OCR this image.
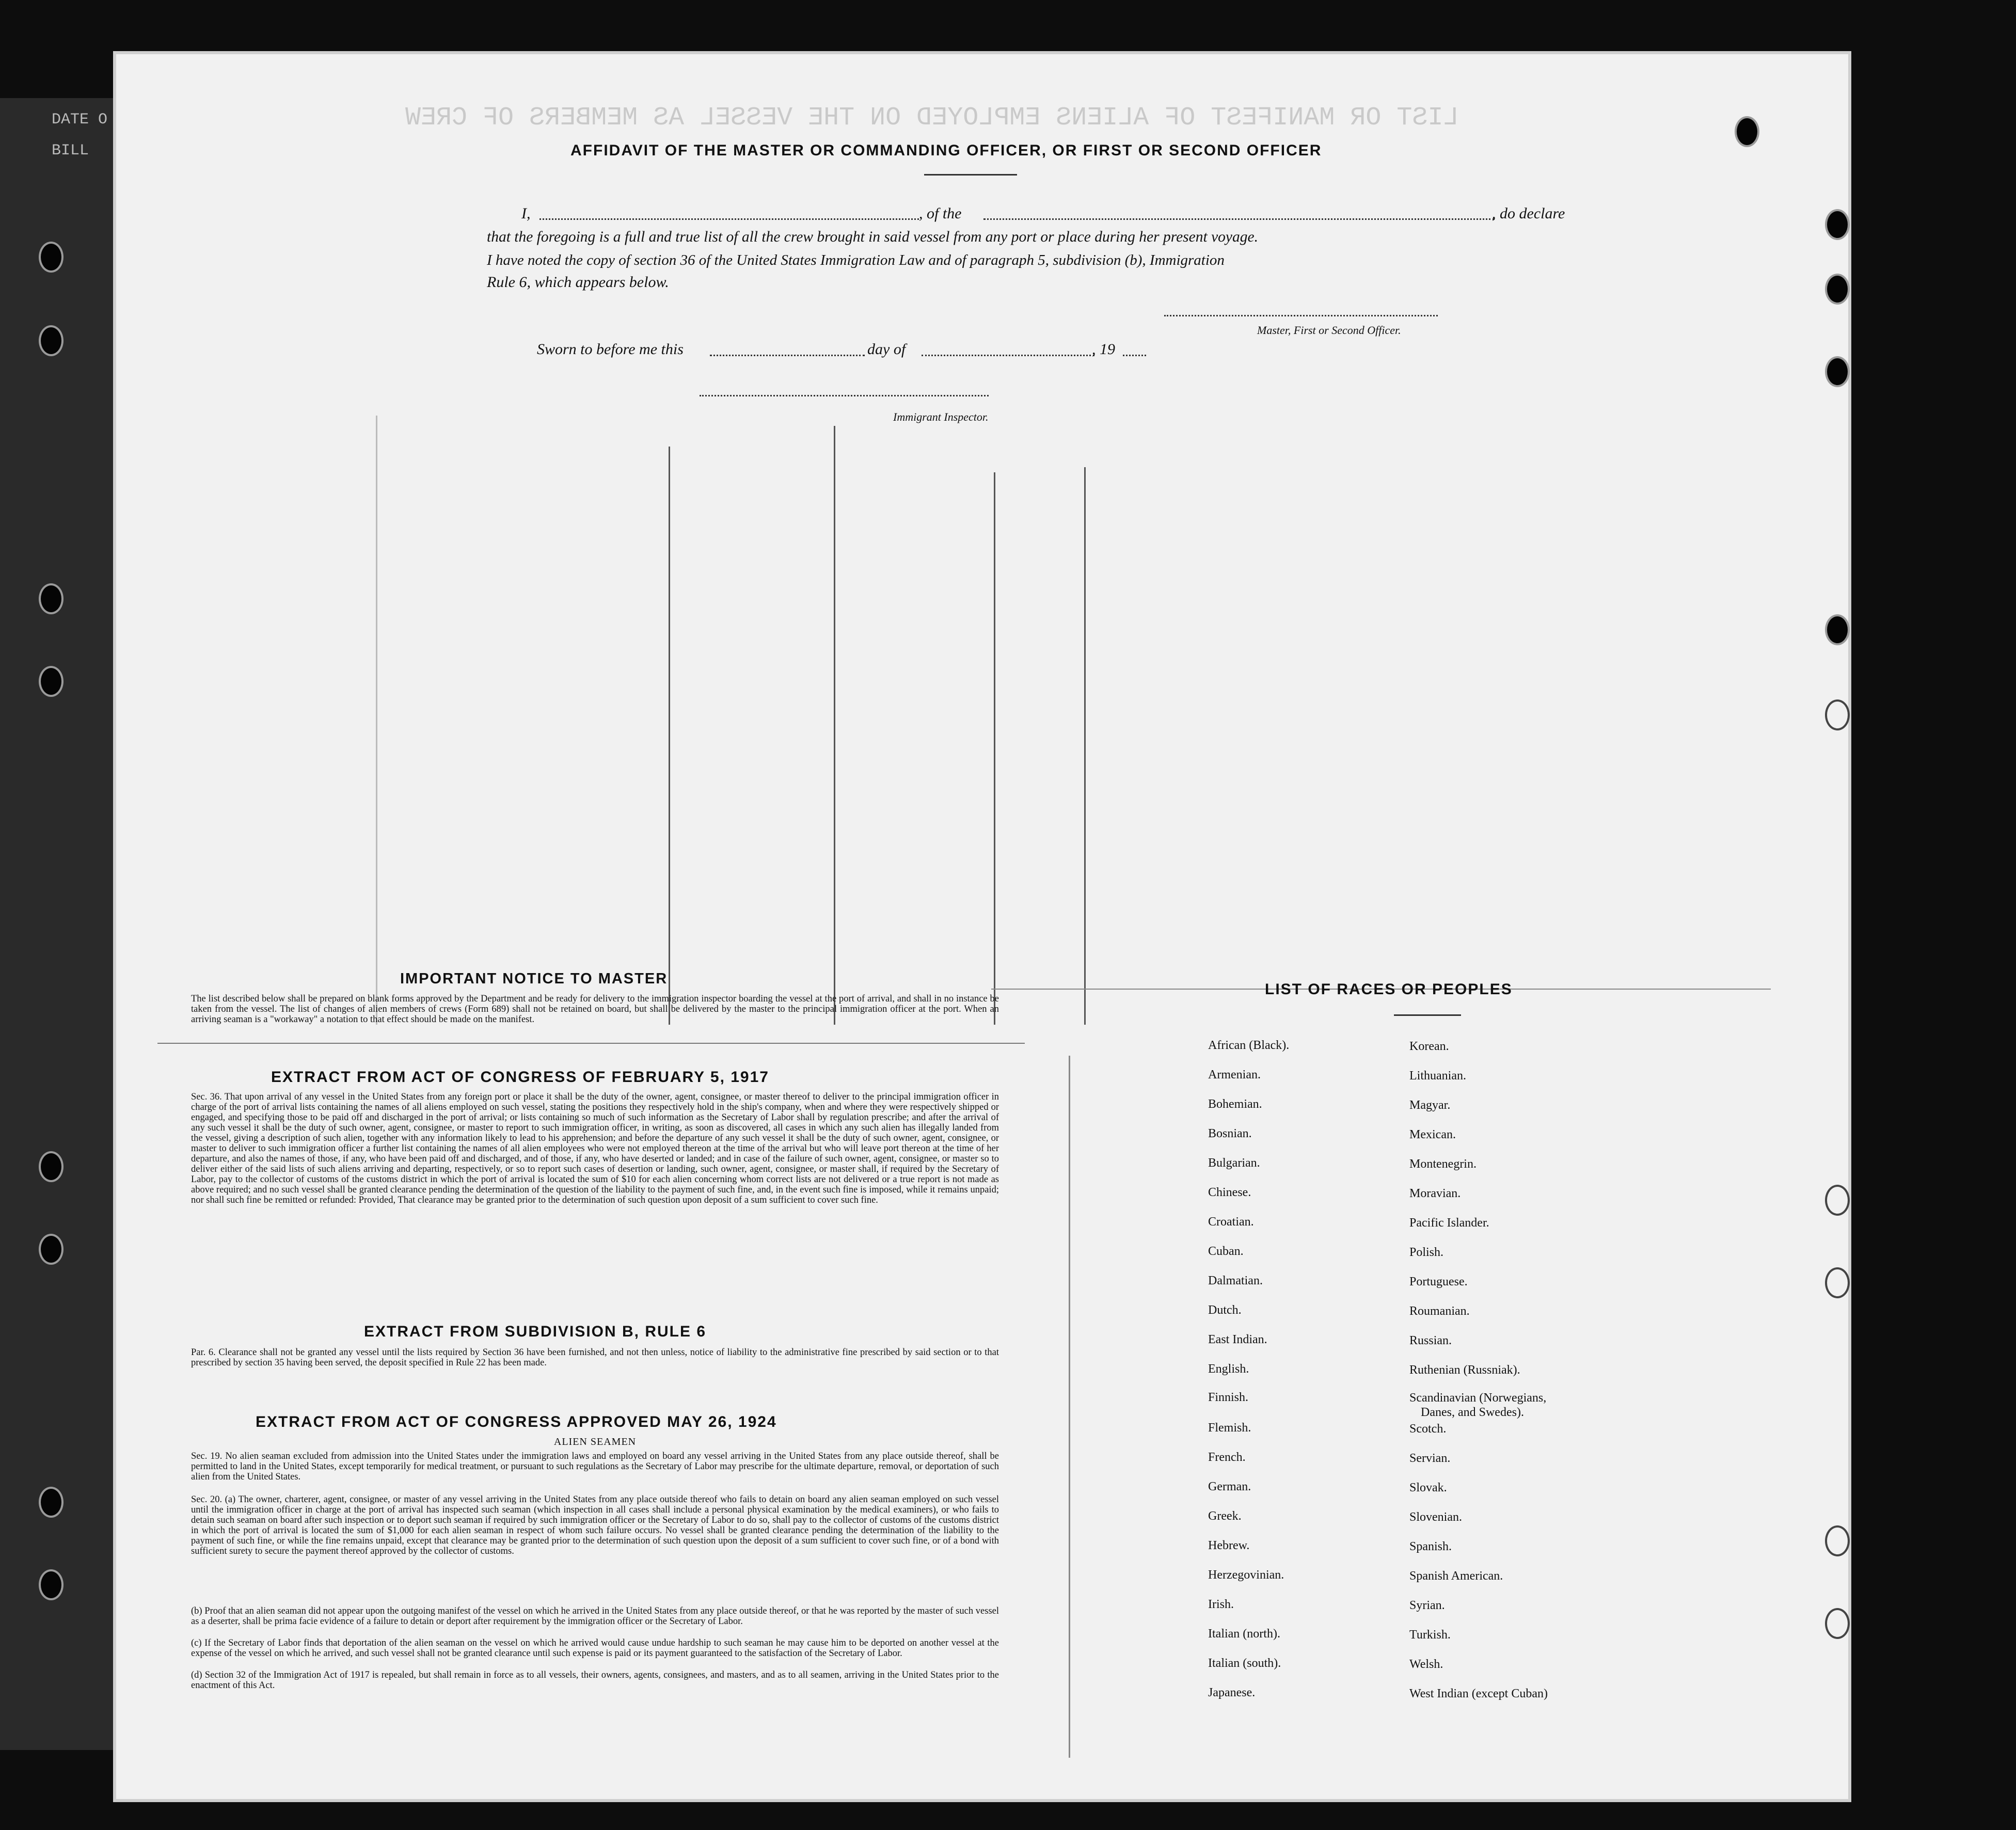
DATE O
BILL
LIST OR MANIFEST OF ALIENS EMPLOYED ON THE VESSEL AS MEMBERS OF CREW
AFFIDAVIT OF THE MASTER OR COMMANDING OFFICER, OR FIRST OR SECOND OFFICER
I,	, of the	, do declare
that the foregoing is a full and true list of all the crew brought in said vessel from any port or place during her present voyage.
I have noted the copy of section 36 of the United States Immigration Law and of paragraph 5, subdivision (b), Immigration
Rule 6, which appears below.
Master, First or Second Officer.
Sworn to before me this	day of	, 19
Immigrant Inspector.
IMPORTANT NOTICE TO MASTER
The list described below shall be prepared on blank forms approved by the Department and be ready for delivery to the immigration inspector boarding the vessel at the port of arrival, and shall in no instance be taken from the vessel. The list of changes of alien members of crews (Form 689) shall not be retained on board, but shall be delivered by the master to the principal immigration officer at the port. When an arriving seaman is a "workaway" a notation to that effect should be made on the manifest.
EXTRACT FROM ACT OF CONGRESS OF FEBRUARY 5, 1917
Sec. 36. That upon arrival of any vessel in the United States from any foreign port or place it shall be the duty of the owner, agent, consignee, or master thereof to deliver to the principal immigration officer in charge of the port of arrival lists containing the names of all aliens employed on such vessel, stating the positions they respectively hold in the ship's company, when and where they were respectively shipped or engaged, and specifying those to be paid off and discharged in the port of arrival; or lists containing so much of such information as the Secretary of Labor shall by regulation prescribe; and after the arrival of any such vessel it shall be the duty of such owner, agent, consignee, or master to report to such immigration officer, in writing, as soon as discovered, all cases in which any such alien has illegally landed from the vessel, giving a description of such alien, together with any information likely to lead to his apprehension; and before the departure of any such vessel it shall be the duty of such owner, agent, consignee, or master to deliver to such immigration officer a further list containing the names of all alien employees who were not employed thereon at the time of the arrival but who will leave port thereon at the time of her departure, and also the names of those, if any, who have been paid off and discharged, and of those, if any, who have deserted or landed; and in case of the failure of such owner, agent, consignee, or master so to deliver either of the said lists of such aliens arriving and departing, respectively, or so to report such cases of desertion or landing, such owner, agent, consignee, or master shall, if required by the Secretary of Labor, pay to the collector of customs of the customs district in which the port of arrival is located the sum of $10 for each alien concerning whom correct lists are not delivered or a true report is not made as above required; and no such vessel shall be granted clearance pending the determination of the question of the liability to the payment of such fine, and, in the event such fine is imposed, while it remains unpaid; nor shall such fine be remitted or refunded: Provided, That clearance may be granted prior to the determination of such question upon deposit of a sum sufficient to cover such fine.
EXTRACT FROM SUBDIVISION B, RULE 6
Par. 6. Clearance shall not be granted any vessel until the lists required by Section 36 have been furnished, and not then unless, notice of liability to the administrative fine prescribed by said section or to that prescribed by section 35 having been served, the deposit specified in Rule 22 has been made.
EXTRACT FROM ACT OF CONGRESS APPROVED MAY 26, 1924
ALIEN SEAMEN
Sec. 19. No alien seaman excluded from admission into the United States under the immigration laws and employed on board any vessel arriving in the United States from any place outside thereof, shall be permitted to land in the United States, except temporarily for medical treatment, or pursuant to such regulations as the Secretary of Labor may prescribe for the ultimate departure, removal, or deportation of such alien from the United States.
Sec. 20. (a) The owner, charterer, agent, consignee, or master of any vessel arriving in the United States from any place outside thereof who fails to detain on board any alien seaman employed on such vessel until the immigration officer in charge at the port of arrival has inspected such seaman (which inspection in all cases shall include a personal physical examination by the medical examiners), or who fails to detain such seaman on board after such inspection or to deport such seaman if required by such immigration officer or the Secretary of Labor to do so, shall pay to the collector of customs of the customs district in which the port of arrival is located the sum of $1,000 for each alien seaman in respect of whom such failure occurs. No vessel shall be granted clearance pending the determination of the liability to the payment of such fine, or while the fine remains unpaid, except that clearance may be granted prior to the determination of such question upon the deposit of a sum sufficient to cover such fine, or of a bond with sufficient surety to secure the payment thereof approved by the collector of customs.
(b) Proof that an alien seaman did not appear upon the outgoing manifest of the vessel on which he arrived in the United States from any place outside thereof, or that he was reported by the master of such vessel as a deserter, shall be prima facie evidence of a failure to detain or deport after requirement by the immigration officer or the Secretary of Labor.
(c) If the Secretary of Labor finds that deportation of the alien seaman on the vessel on which he arrived would cause undue hardship to such seaman he may cause him to be deported on another vessel at the expense of the vessel on which he arrived, and such vessel shall not be granted clearance until such expense is paid or its payment guaranteed to the satisfaction of the Secretary of Labor.
(d) Section 32 of the Immigration Act of 1917 is repealed, but shall remain in force as to all vessels, their owners, agents, consignees, and masters, and as to all seamen, arriving in the United States prior to the enactment of this Act.
LIST OF RACES OR PEOPLES
African (Black).
Armenian.
Bohemian.
Bosnian.
Bulgarian.
Chinese.
Croatian.
Cuban.
Dalmatian.
Dutch.
East Indian.
English.
Finnish.
Flemish.
French.
German.
Greek.
Hebrew.
Herzegovinian.
Irish.
Italian (north).
Italian (south).
Japanese.
Korean.
Lithuanian.
Magyar.
Mexican.
Montenegrin.
Moravian.
Pacific Islander.
Polish.
Portuguese.
Roumanian.
Russian.
Ruthenian (Russniak).
Scandinavian (Norwegians,
Danes, and Swedes).
Scotch.
Servian.
Slovak.
Slovenian.
Spanish.
Spanish American.
Syrian.
Turkish.
Welsh.
West Indian (except Cuban)
